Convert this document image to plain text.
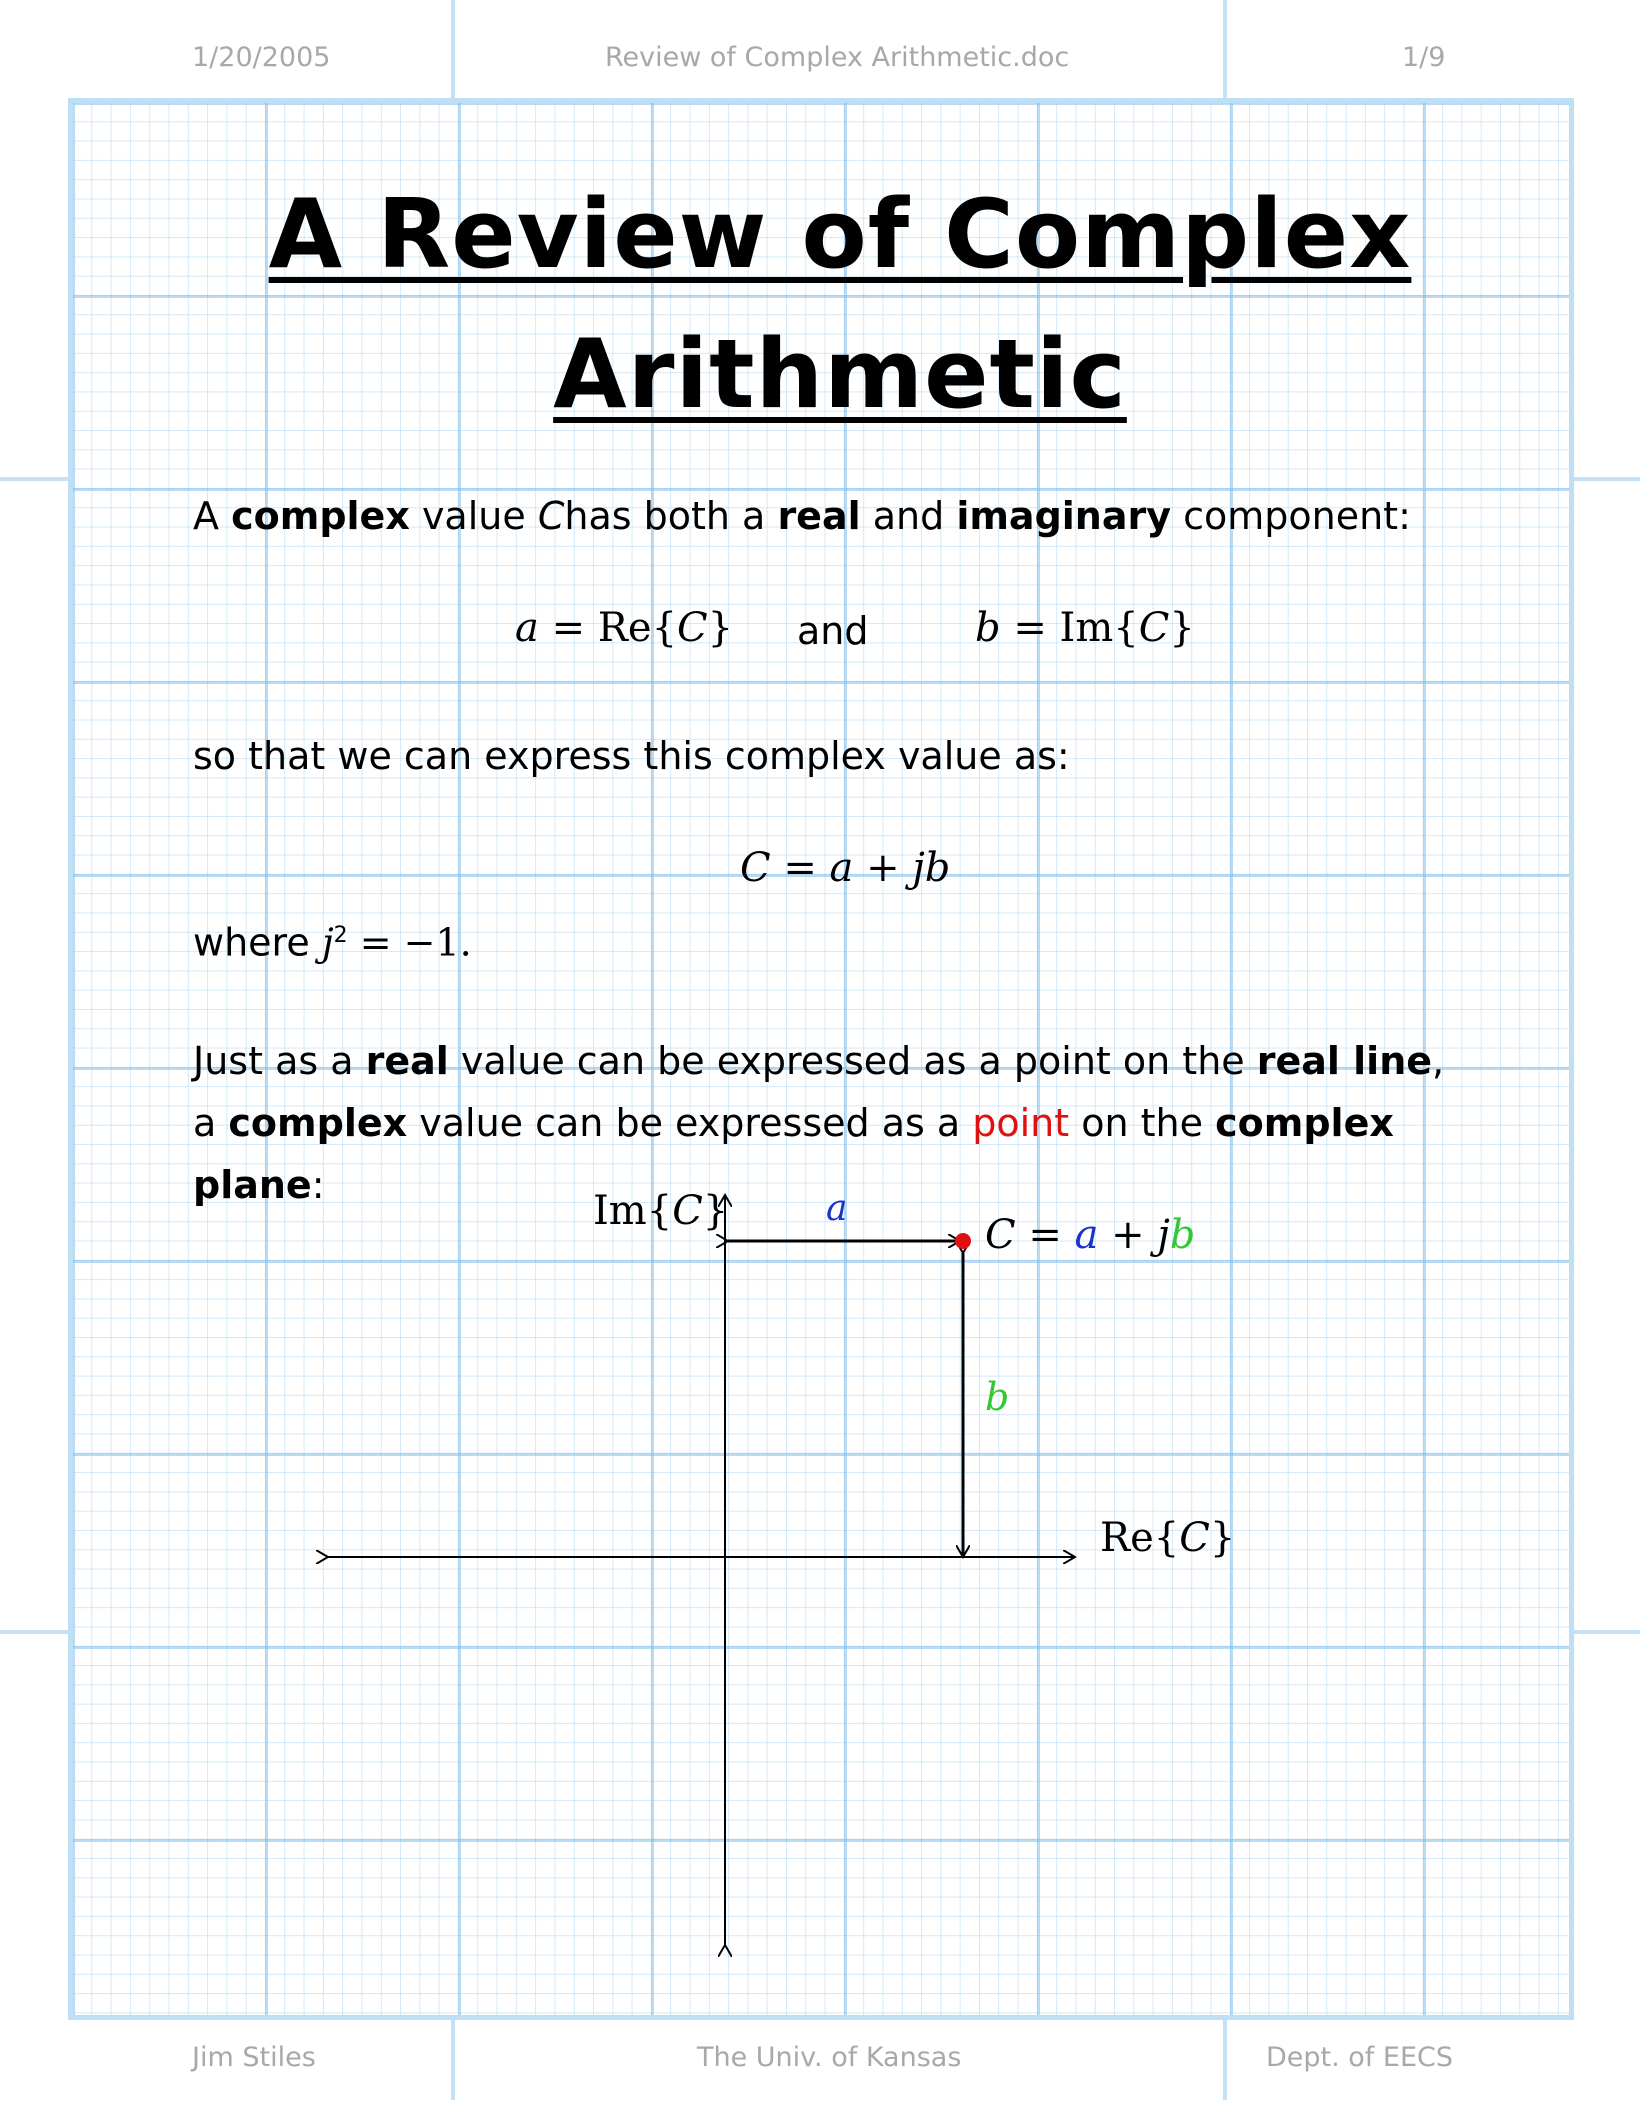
1/20/2005	Review of Complex Arithmetic.doc	1/9
Jim Stiles	The Univ. of Kansas	Dept. of EECS
A Review of Complex
Arithmetic
A complex value Chas both a real and imaginary component:
a = Re{C} and	b = Im{C}
so that we can express this complex value as:
C = a + jb
where $j^2 = -1$.
Just as a real value can be expressed as a point on the real line,
a complex value can be expressed as a point on the complex
plane:
Im{C}
Re{C}
a
b
C = a + jb
